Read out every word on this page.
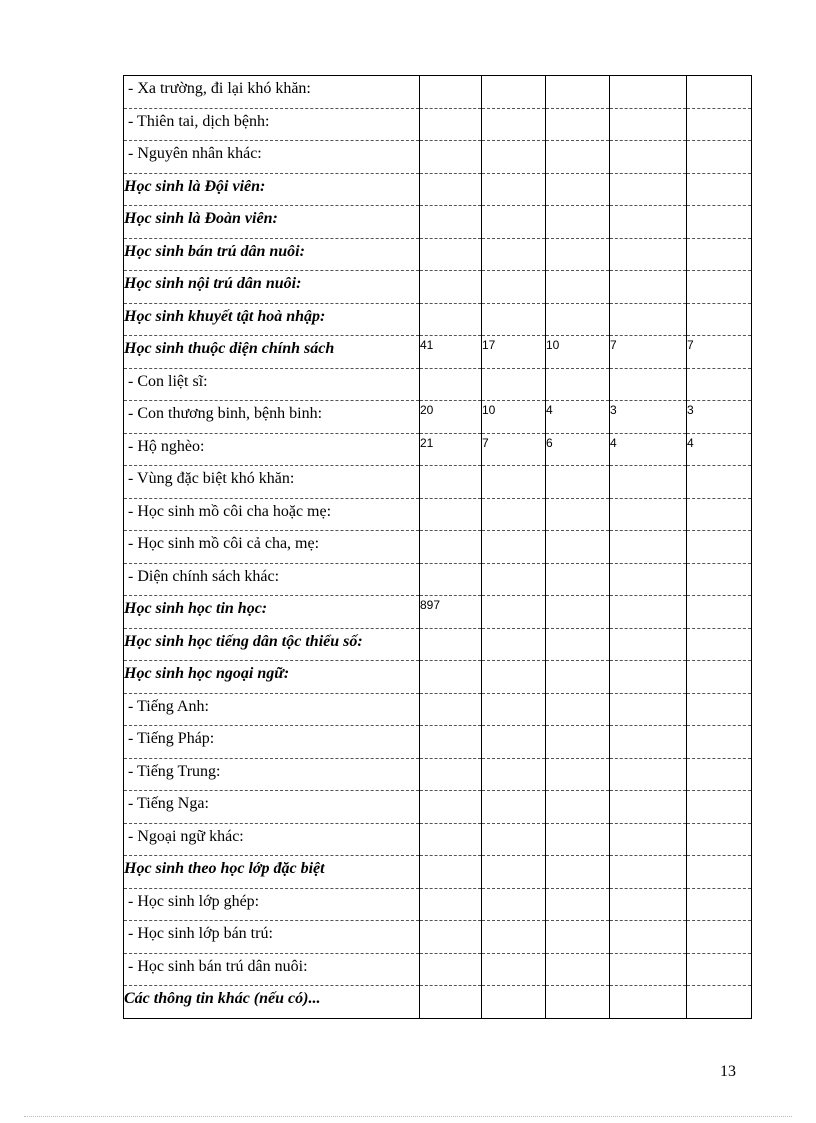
- Xa trường, đi lại khó khăn:					
- Thiên tai, dịch bệnh:					
- Nguyên nhân khác:					
Học sinh là Đội viên:					
Học sinh là Đoàn viên:					
Học sinh bán trú dân nuôi:					
Học sinh nội trú dân nuôi:					
Học sinh khuyết tật hoà nhập:					
Học sinh thuộc diện chính sách	41	17	10	7	7
- Con liệt sĩ:					
- Con thương binh, bệnh binh:	20	10	4	3	3
- Hộ nghèo:	21	7	6	4	4
- Vùng đặc biệt khó khăn:					
- Học sinh mồ côi cha hoặc mẹ:					
- Học sinh mồ côi cả cha, mẹ:					
- Diện chính sách khác:					
Học sinh học tin học:	897				
Học sinh học tiếng dân tộc thiểu số:					
Học sinh học ngoại ngữ:					
- Tiếng Anh:					
- Tiếng Pháp:					
- Tiếng Trung:					
- Tiếng Nga:					
- Ngoại ngữ khác:					
Học sinh theo học lớp đặc biệt					
- Học sinh lớp ghép:					
- Học sinh lớp bán trú:					
- Học sinh bán trú dân nuôi:					
Các thông tin khác (nếu có)...					
13
